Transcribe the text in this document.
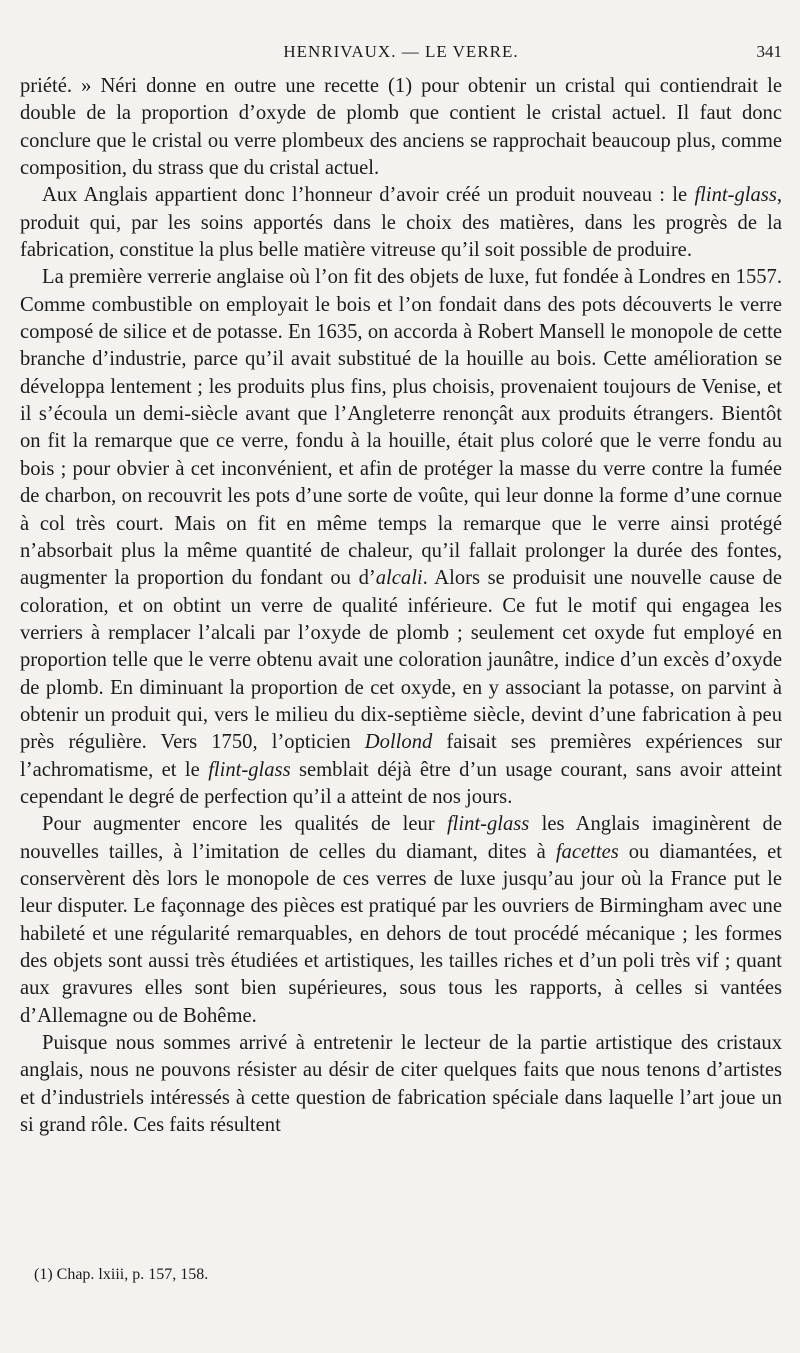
HENRIVAUX. — LE VERRE.	341

priété. » Néri donne en outre une recette (1) pour obtenir un cristal qui contiendrait le double de la proportion d’oxyde de plomb que contient le cristal actuel. Il faut donc conclure que le cristal ou verre plombeux des anciens se rapprochait beaucoup plus, comme composition, du strass que du cristal actuel.

Aux Anglais appartient donc l’honneur d’avoir créé un produit nouveau : le flint-glass, produit qui, par les soins apportés dans le choix des matières, dans les progrès de la fabrication, constitue la plus belle matière vitreuse qu’il soit possible de produire.

La première verrerie anglaise où l’on fit des objets de luxe, fut fondée à Londres en 1557. Comme combustible on employait le bois et l’on fondait dans des pots découverts le verre composé de silice et de potasse. En 1635, on accorda à Robert Mansell le monopole de cette branche d’industrie, parce qu’il avait substitué de la houille au bois. Cette amélioration se développa lentement ; les produits plus fins, plus choisis, provenaient toujours de Venise, et il s’écoula un demi-siècle avant que l’Angleterre renonçât aux produits étrangers. Bientôt on fit la remarque que ce verre, fondu à la houille, était plus coloré que le verre fondu au bois ; pour obvier à cet inconvénient, et afin de protéger la masse du verre contre la fumée de charbon, on recouvrit les pots d’une sorte de voûte, qui leur donne la forme d’une cornue à col très court. Mais on fit en même temps la remarque que le verre ainsi protégé n’absorbait plus la même quantité de chaleur, qu’il fallait prolonger la durée des fontes, augmenter la proportion du fondant ou d’alcali. Alors se produisit une nouvelle cause de coloration, et on obtint un verre de qualité inférieure. Ce fut le motif qui engagea les verriers à remplacer l’alcali par l’oxyde de plomb ; seulement cet oxyde fut employé en proportion telle que le verre obtenu avait une coloration jaunâtre, indice d’un excès d’oxyde de plomb. En diminuant la proportion de cet oxyde, en y associant la potasse, on parvint à obtenir un produit qui, vers le milieu du dix-septième siècle, devint d’une fabrication à peu près régulière. Vers 1750, l’opticien Dollond faisait ses premières expériences sur l’achromatisme, et le flint-glass semblait déjà être d’un usage courant, sans avoir atteint cependant le degré de perfection qu’il a atteint de nos jours.

Pour augmenter encore les qualités de leur flint-glass les Anglais imaginèrent de nouvelles tailles, à l’imitation de celles du diamant, dites à facettes ou diamantées, et conservèrent dès lors le monopole de ces verres de luxe jusqu’au jour où la France put le leur disputer. Le façonnage des pièces est pratiqué par les ouvriers de Birmingham avec une habileté et une régularité remarquables, en dehors de tout procédé mécanique ; les formes des objets sont aussi très étudiées et artistiques, les tailles riches et d’un poli très vif ; quant aux gravures elles sont bien supérieures, sous tous les rapports, à celles si vantées d’Allemagne ou de Bohême.

Puisque nous sommes arrivé à entretenir le lecteur de la partie artistique des cristaux anglais, nous ne pouvons résister au désir de citer quelques faits que nous tenons d’artistes et d’industriels intéressés à cette question de fabrication spéciale dans laquelle l’art joue un si grand rôle. Ces faits résultent

(1) Chap. lxiii, p. 157, 158.
